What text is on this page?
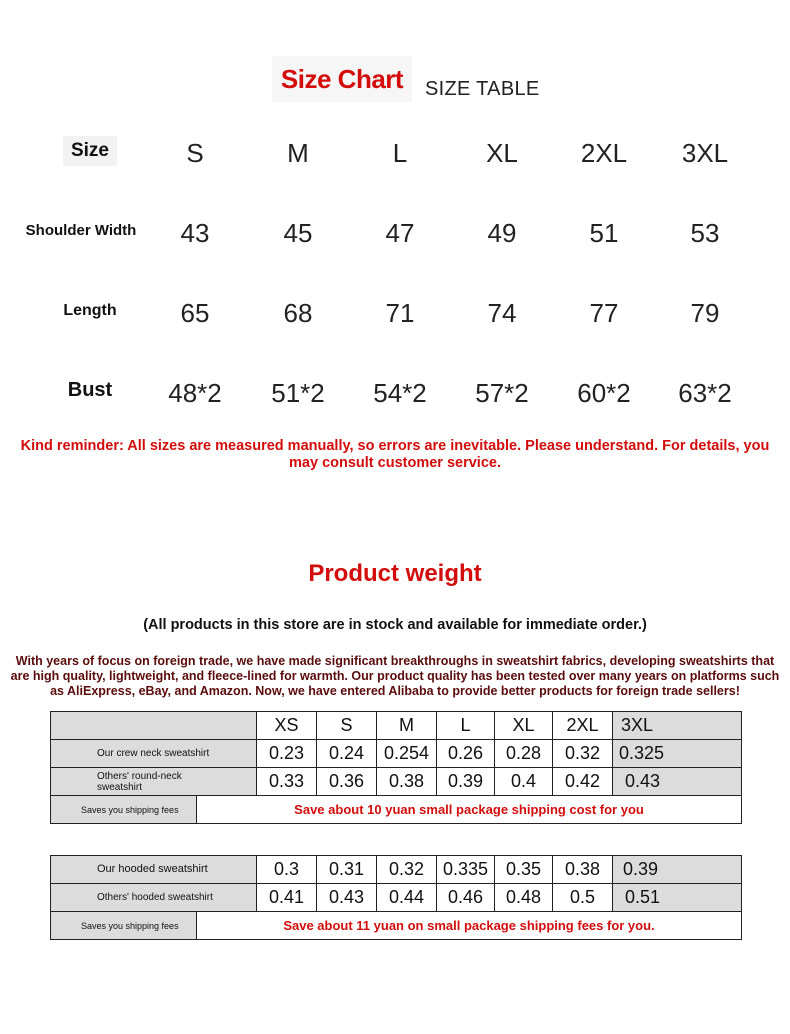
Size Chart	SIZE TABLE
Size	S	M	L	XL	2XL	3XL
Shoulder Width	43	45	47	49	51	53
Length	65	68	71	74	77	79
Bust	48*2	51*2	54*2	57*2	60*2	63*2
Kind reminder: All sizes are measured manually, so errors are inevitable. Please understand. For details, you may consult customer service.
Product weight
(All products in this store are in stock and available for immediate order.)
With years of focus on foreign trade, we have made significant breakthroughs in sweatshirt fabrics, developing sweatshirts that are high quality, lightweight, and fleece-lined for warmth. Our product quality has been tested over many years on platforms such as AliExpress, eBay, and Amazon. Now, we have entered Alibaba to provide better products for foreign trade sellers!
		XS	S	M	L	XL	2XL	3XL

Our crew neck sweatshirt		0.23	0.24	0.254	0.26	0.28	0.32	0.325

Others' round-neck sweatshirt		0.33	0.36	0.38	0.39	0.4	0.42	0.43
Saves you shipping fees	Save about 10 yuan small package shipping cost for you							
Our hooded sweatshirt		0.3	0.31	0.32	0.335	0.35	0.38	0.39

Others' hooded sweatshirt		0.41	0.43	0.44	0.46	0.48	0.5	0.51
Saves you shipping fees	Save about 11 yuan on small package shipping fees for you.							
